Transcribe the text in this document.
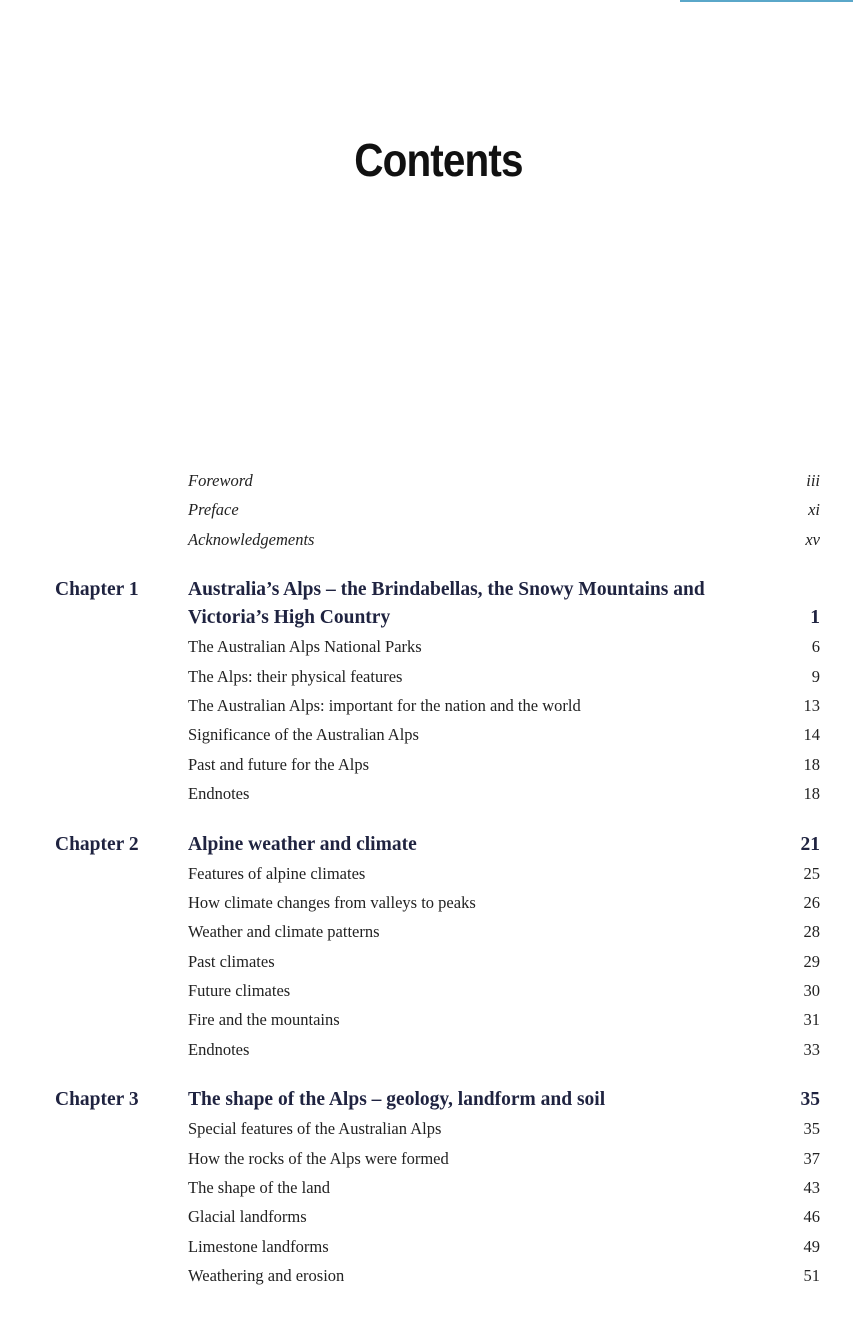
Contents
Foreword	iii
Preface	xi
Acknowledgements	xv
Chapter 1	Australia’s Alps – the Brindabellas, the Snowy Mountains and
Victoria’s High Country	1
The Australian Alps National Parks	6
The Alps: their physical features	9
The Australian Alps: important for the nation and the world	13
Significance of the Australian Alps	14
Past and future for the Alps	18
Endnotes	18
Chapter 2	Alpine weather and climate	21
Features of alpine climates	25
How climate changes from valleys to peaks	26
Weather and climate patterns	28
Past climates	29
Future climates	30
Fire and the mountains	31
Endnotes	33
Chapter 3	The shape of the Alps – geology, landform and soil	35
Special features of the Australian Alps	35
How the rocks of the Alps were formed	37
The shape of the land	43
Glacial landforms	46
Limestone landforms	49
Weathering and erosion	51
